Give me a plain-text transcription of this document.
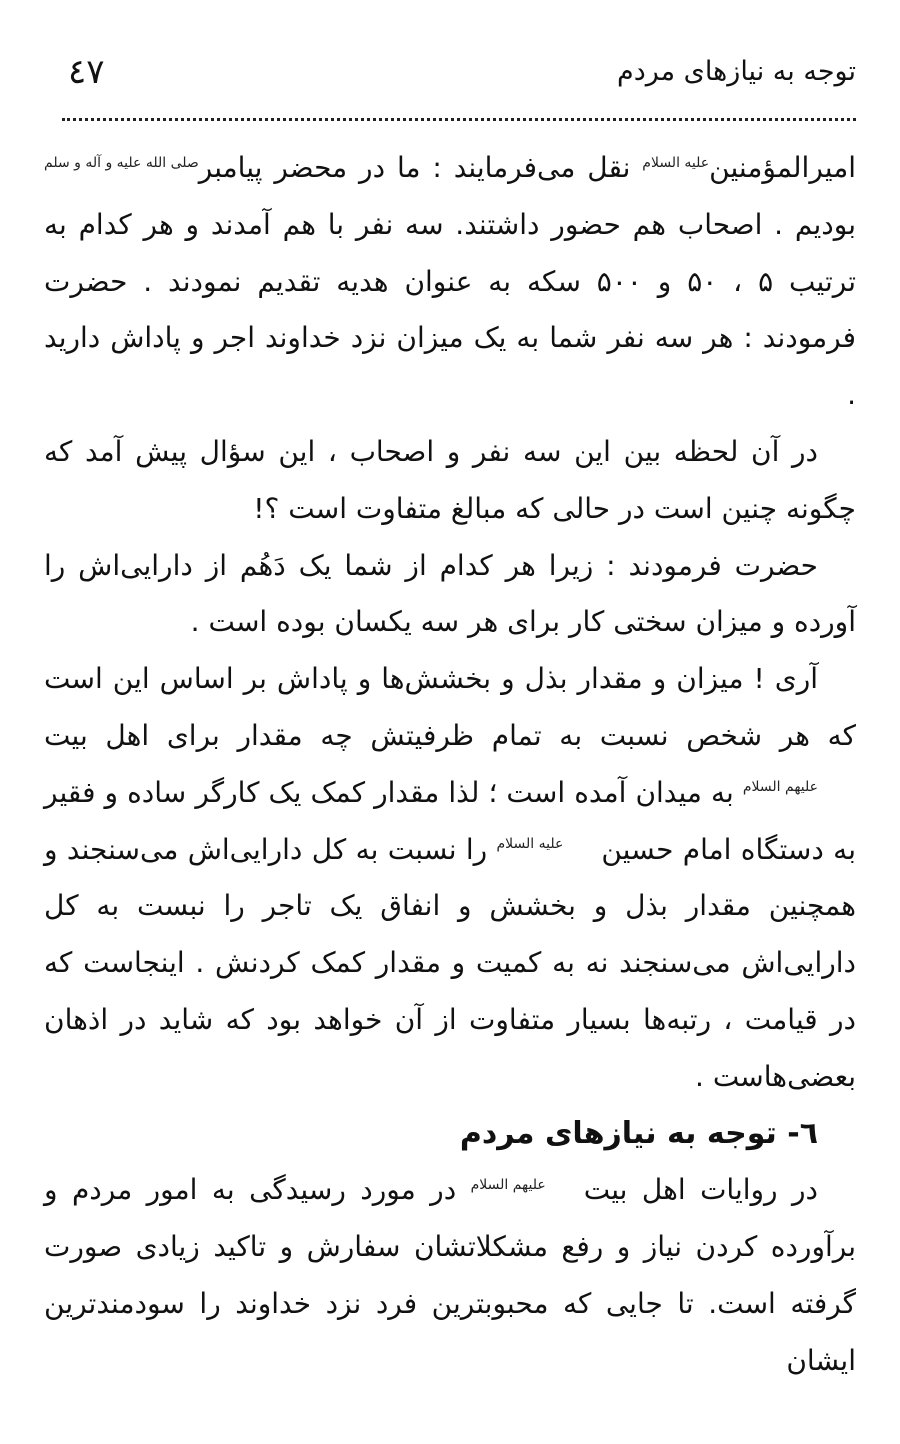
توجه به نیازهای مردم
٤٧

امیرالمؤمنینعلیه السلام نقل می‌فرمایند : ما در محضر پیامبرصلی الله علیه و آله و سلم بودیم . اصحاب هم حضور داشتند. سه نفر با هم آمدند و هر کدام به ترتیب ۵ ، ۵۰ و ۵۰۰ سکه به عنوان هدیه تقدیم نمودند . حضرت فرمودند : هر سه نفر شما به یک میزان نزد خداوند اجر و پاداش دارید .

در آن لحظه بین این سه نفر و اصحاب ، این سؤال پیش آمد که چگونه چنین است در حالی که مبالغ متفاوت است ؟!

حضرت فرمودند : زیرا هر کدام از شما یک دَهُم از دارایی‌اش را آورده و میزان سختی کار برای هر سه یکسان بوده است .

آری ! میزان و مقدار بذل و بخشش‌ها و پاداش بر اساس این است که هر شخص نسبت به تمام ظرفیتش چه مقدار برای اهل بیتعلیهم السلام به میدان آمده است ؛ لذا مقدار کمک یک کارگر ساده و فقیر به دستگاه امام حسینعلیه السلام را نسبت به کل دارایی‌اش می‌سنجند و همچنین مقدار بذل و بخشش و انفاق یک تاجر را نبست به کل دارایی‌اش می‌سنجند نه به کمیت و مقدار کمک کردنش . اینجاست که در قیامت ، رتبه‌ها بسیار متفاوت از آن خواهد بود که شاید در اذهان بعضی‌هاست .

٦- توجه به نیازهای مردم

در روایات اهل بیتعلیهم السلام در مورد رسیدگی به امور مردم و برآورده کردن نیاز و رفع مشکلاتشان سفارش و تاکید زیادی صورت گرفته است. تا جایی که محبوبترین فرد نزد خداوند را سودمندترین ایشان
